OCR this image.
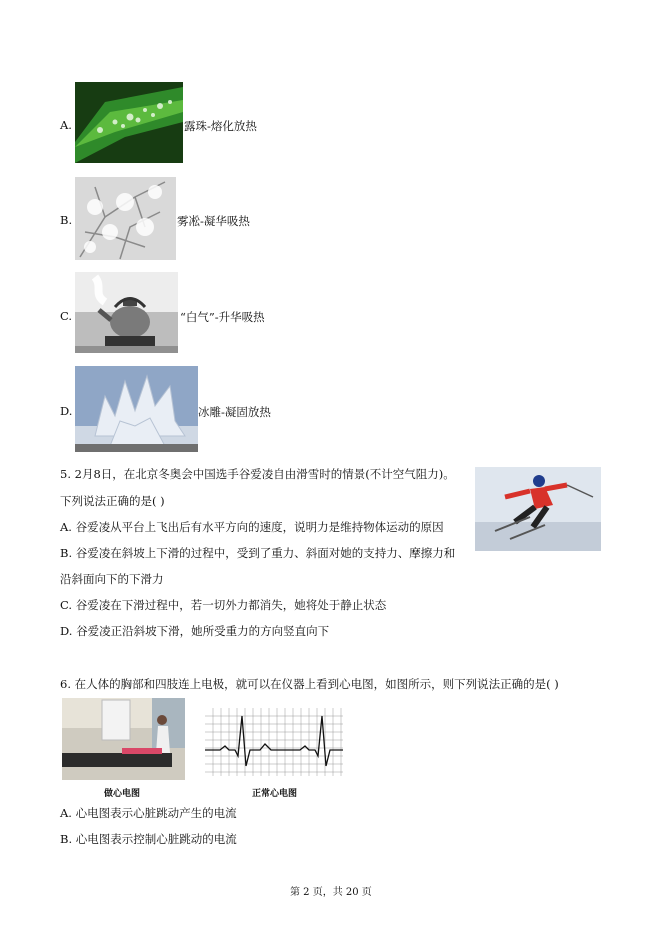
A.	露珠-熔化放热
B.	雾凇-凝华吸热
C.	“白气”-升华吸热
D.	冰雕-凝固放热
5. 2月8日，在北京冬奥会中国选手谷爱凌自由滑雪时的情景(不计空气阻力)。
下列说法正确的是( )
A. 谷爱凌从平台上飞出后有水平方向的速度，说明力是维持物体运动的原因
B. 谷爱凌在斜坡上下滑的过程中，受到了重力、斜面对她的支持力、摩擦力和
沿斜面向下的下滑力
C. 谷爱凌在下滑过程中，若一切外力都消失，她将处于静止状态
D. 谷爱凌正沿斜坡下滑，她所受重力的方向竖直向下
6. 在人体的胸部和四肢连上电极，就可以在仪器上看到心电图，如图所示，则下列说法正确的是( )
做心电图	正常心电图
A. 心电图表示心脏跳动产生的电流
B. 心电图表示控制心脏跳动的电流
第 2 页，共 20 页
